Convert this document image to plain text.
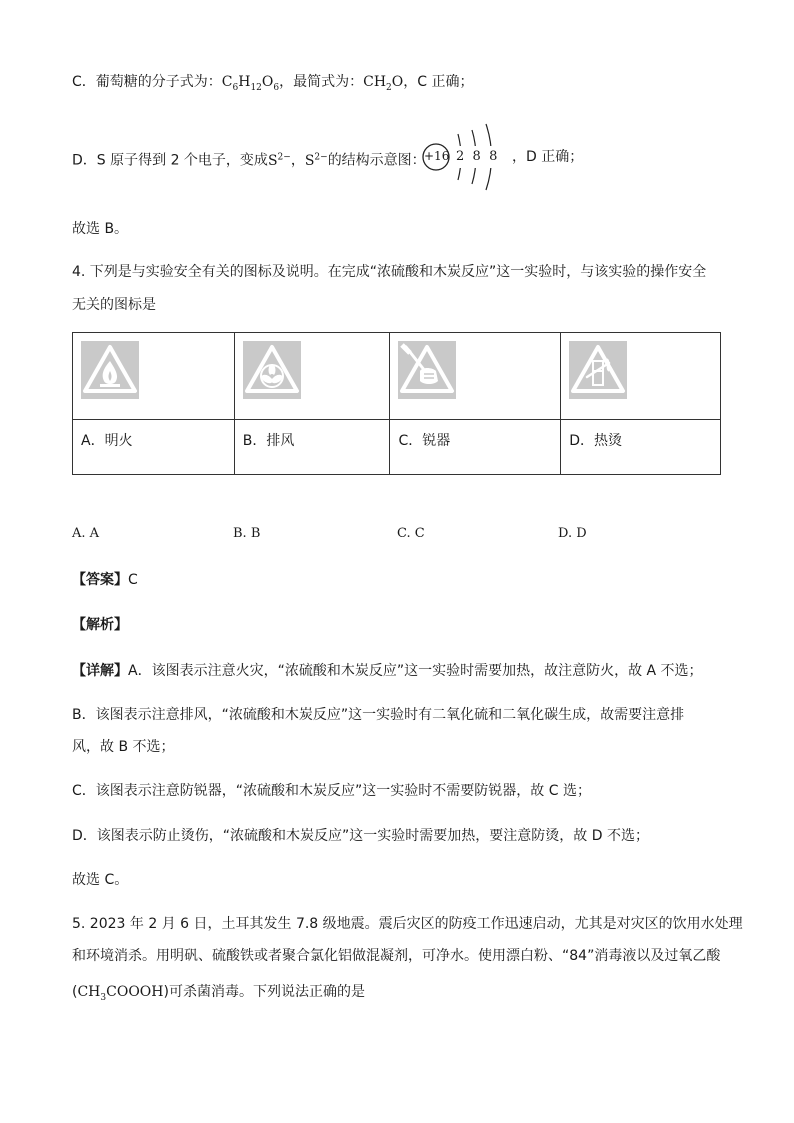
C．葡萄糖的分子式为：$C_6H_{12}O_6$，最简式为：$CH_2O$，C 正确；
D．S 原子得到 2 个电子，变成$S^{2-}$，$S^{2-}$的结构示意图：
+16 2  8  8 ，D 正确；
故选 B。
4. 下列是与实验安全有关的图标及说明。在完成“浓硫酸和木炭反应”这一实验时，与该实验的操作安全
无关的图标是

A．明火	B．排风	C．锐器	D．热烫
A. A	B. B	C. C	D. D
【答案】C
【解析】
【详解】A．该图表示注意火灾，“浓硫酸和木炭反应”这一实验时需要加热，故注意防火，故 A 不选；
B．该图表示注意排风，“浓硫酸和木炭反应”这一实验时有二氧化硫和二氧化碳生成，故需要注意排
风，故 B 不选；
C．该图表示注意防锐器，“浓硫酸和木炭反应”这一实验时不需要防锐器，故 C 选；
D．该图表示防止烫伤，“浓硫酸和木炭反应”这一实验时需要加热，要注意防烫，故 D 不选；
故选 C。
5. 2023 年 2 月 6 日，土耳其发生 7.8 级地震。震后灾区的防疫工作迅速启动，尤其是对灾区的饮用水处理
和环境消杀。用明矾、硫酸铁或者聚合氯化铝做混凝剂，可净水。使用漂白粉、“84”消毒液以及过氧乙酸
$(CH_3COOOH)$可杀菌消毒。下列说法正确的是
